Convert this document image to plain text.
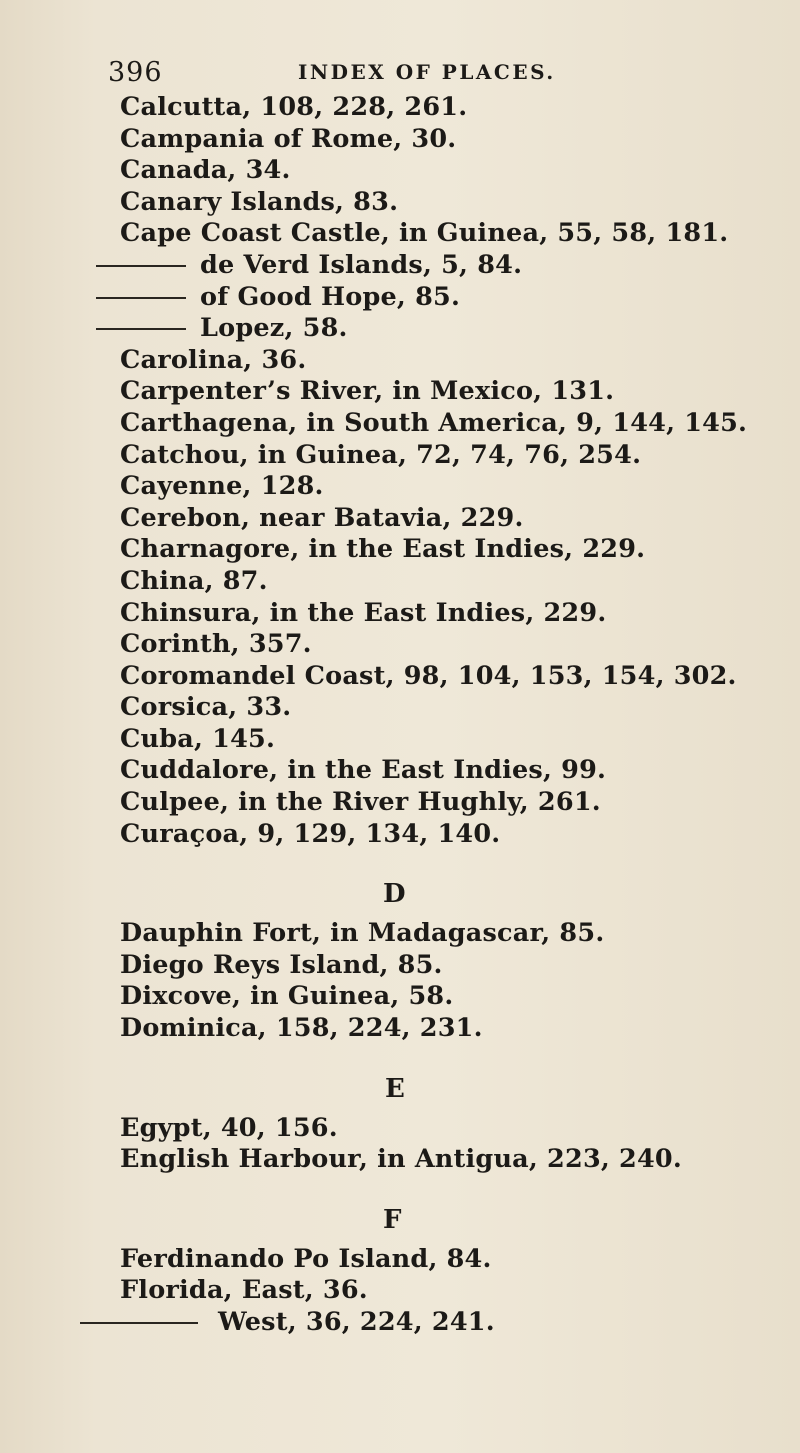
396	INDEX OF PLACES.
Calcutta, 108, 228, 261.
Campania of Rome, 30.
Canada, 34.
Canary Islands, 83.
Cape Coast Castle, in Guinea, 55, 58, 181.
de Verd Islands, 5, 84.
of Good Hope, 85.
Lopez, 58.
Carolina, 36.
Carpenter’s River, in Mexico, 131.
Carthagena, in South America, 9, 144, 145.
Catchou, in Guinea, 72, 74, 76, 254.
Cayenne, 128.
Cerebon, near Batavia, 229.
Charnagore, in the East Indies, 229.
China, 87.
Chinsura, in the East Indies, 229.
Corinth, 357.
Coromandel Coast, 98, 104, 153, 154, 302.
Corsica, 33.
Cuba, 145.
Cuddalore, in the East Indies, 99.
Culpee, in the River Hughly, 261.
Curaçoa, 9, 129, 134, 140.
D
Dauphin Fort, in Madagascar, 85.
Diego Reys Island, 85.
Dixcove, in Guinea, 58.
Dominica, 158, 224, 231.
E
Egypt, 40, 156.
English Harbour, in Antigua, 223, 240.
F
Ferdinando Po Island, 84.
Florida, East, 36.
West, 36, 224, 241.
